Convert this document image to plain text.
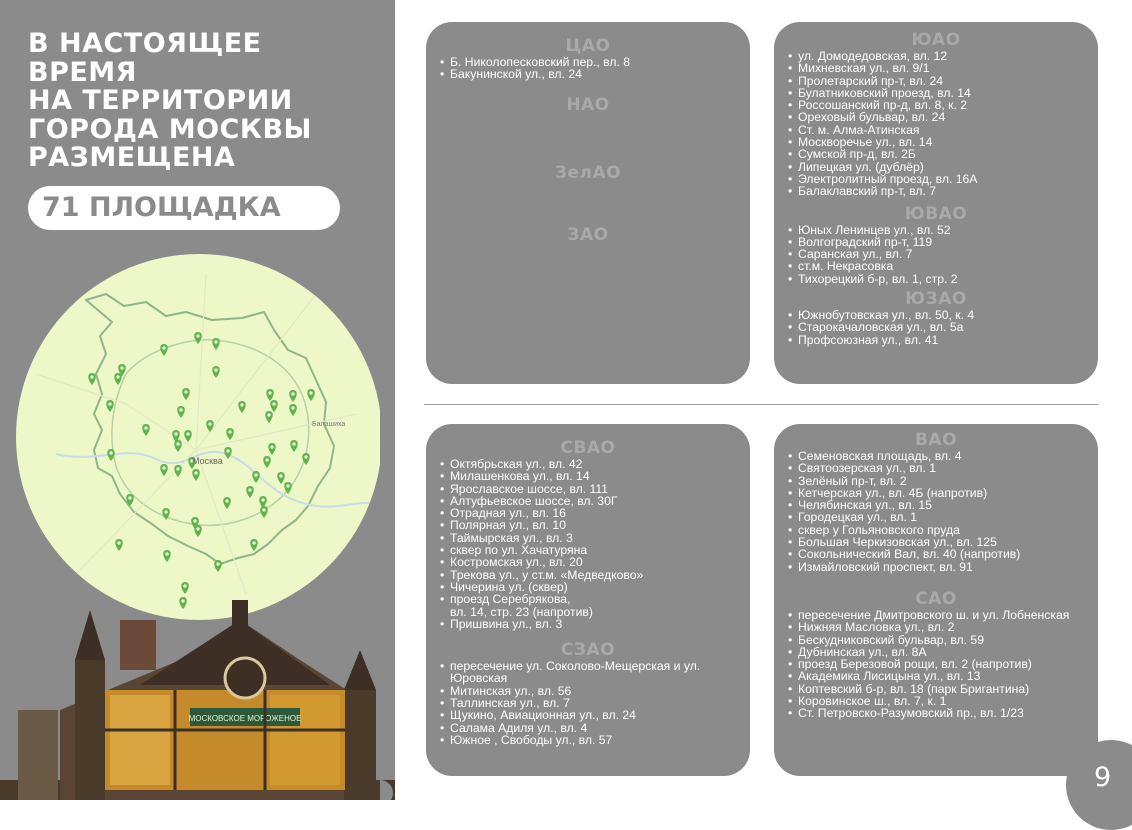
В НАСТОЯЩЕЕ
ВРЕМЯ
НА ТЕРРИТОРИИ
ГОРОДА МОСКВЫ
РАЗМЕЩЕНА
71 ПЛОЩАДКА
Москва
Балашиха
МОСКОВСКОЕ МОРОЖЕНОЕ
ЦАО
• Б. Николопесковский пер., вл. 8
• Бакунинской ул., вл. 24
НАО
ЗелАО
ЗАО
ЮАО
• ул. Домодедовская, вл. 12
• Михневская ул., вл. 9/1
• Пролетарский пр-т, вл. 24
• Булатниковский проезд, вл. 14
• Россошанский пр-д, вл. 8, к. 2
• Ореховый бульвар, вл. 24
• Ст. м. Алма-Атинская
• Москворечье ул., вл. 14
• Сумской пр-д, вл. 2Б
• Липецкая ул. (дублёр)
• Электролитный проезд, вл. 16А
• Балаклавский пр-т, вл. 7
ЮВАО
• Юных Ленинцев ул., вл. 52
• Волгоградский пр-т, 119
• Саранская ул., вл. 7
• ст.м. Некрасовка
• Тихорецкий б-р, вл. 1, стр. 2
ЮЗАО
• Южнобутовская ул., вл. 50, к. 4
• Старокачаловская ул., вл. 5а
• Профсоюзная ул., вл. 41
СВАО
• Октябрьская ул., вл. 42
• Милашенкова ул., вл. 14
• Ярославское шоссе, вл. 111
• Алтуфьевское шоссе, вл. 30Г
• Отрадная ул., вл. 16
• Полярная ул., вл. 10
• Таймырская ул., вл. 3
• сквер по ул. Хачатуряна
• Костромская ул., вл. 20
• Трекова ул., у ст.м. «Медведково»
• Чичерина ул. (сквер)
• проезд Серебрякова,
вл. 14, стр. 23 (напротив)
• Пришвина ул., вл. 3
СЗАО
• пересечение ул. Соколово-Мещерская и ул. Юровская
• Митинская ул., вл. 56
• Таллинская ул., вл. 7
• Щукино, Авиационная ул., вл. 24
• Салама Адиля ул., вл. 4
• Южное , Свободы ул., вл. 57
ВАО
• Семеновская площадь, вл. 4
• Святоозерская ул., вл. 1
• Зелёный пр-т, вл. 2
• Кетчерская ул., вл. 4Б (напротив)
• Челябинская ул., вл. 15
• Городецкая ул., вл. 1
• сквер у Гольяновского пруда
• Большая Черкизовская ул., вл. 125
• Сокольнический Вал, вл. 40 (напротив)
• Измайловский проспект, вл. 91
САО
• пересечение Дмитровского ш. и ул. Лобненская
• Нижняя Масловка ул., вл. 2
• Бескудниковский бульвар, вл. 59
• Дубнинская ул., вл. 8А
• проезд Березовой рощи, вл. 2 (напротив)
• Академика Лисицына ул., вл. 13
• Коптевский б-р, вл. 18 (парк Бригантина)
• Коровинское ш., вл. 7, к. 1
• Ст. Петровско-Разумовский пр., вл. 1/23
9
